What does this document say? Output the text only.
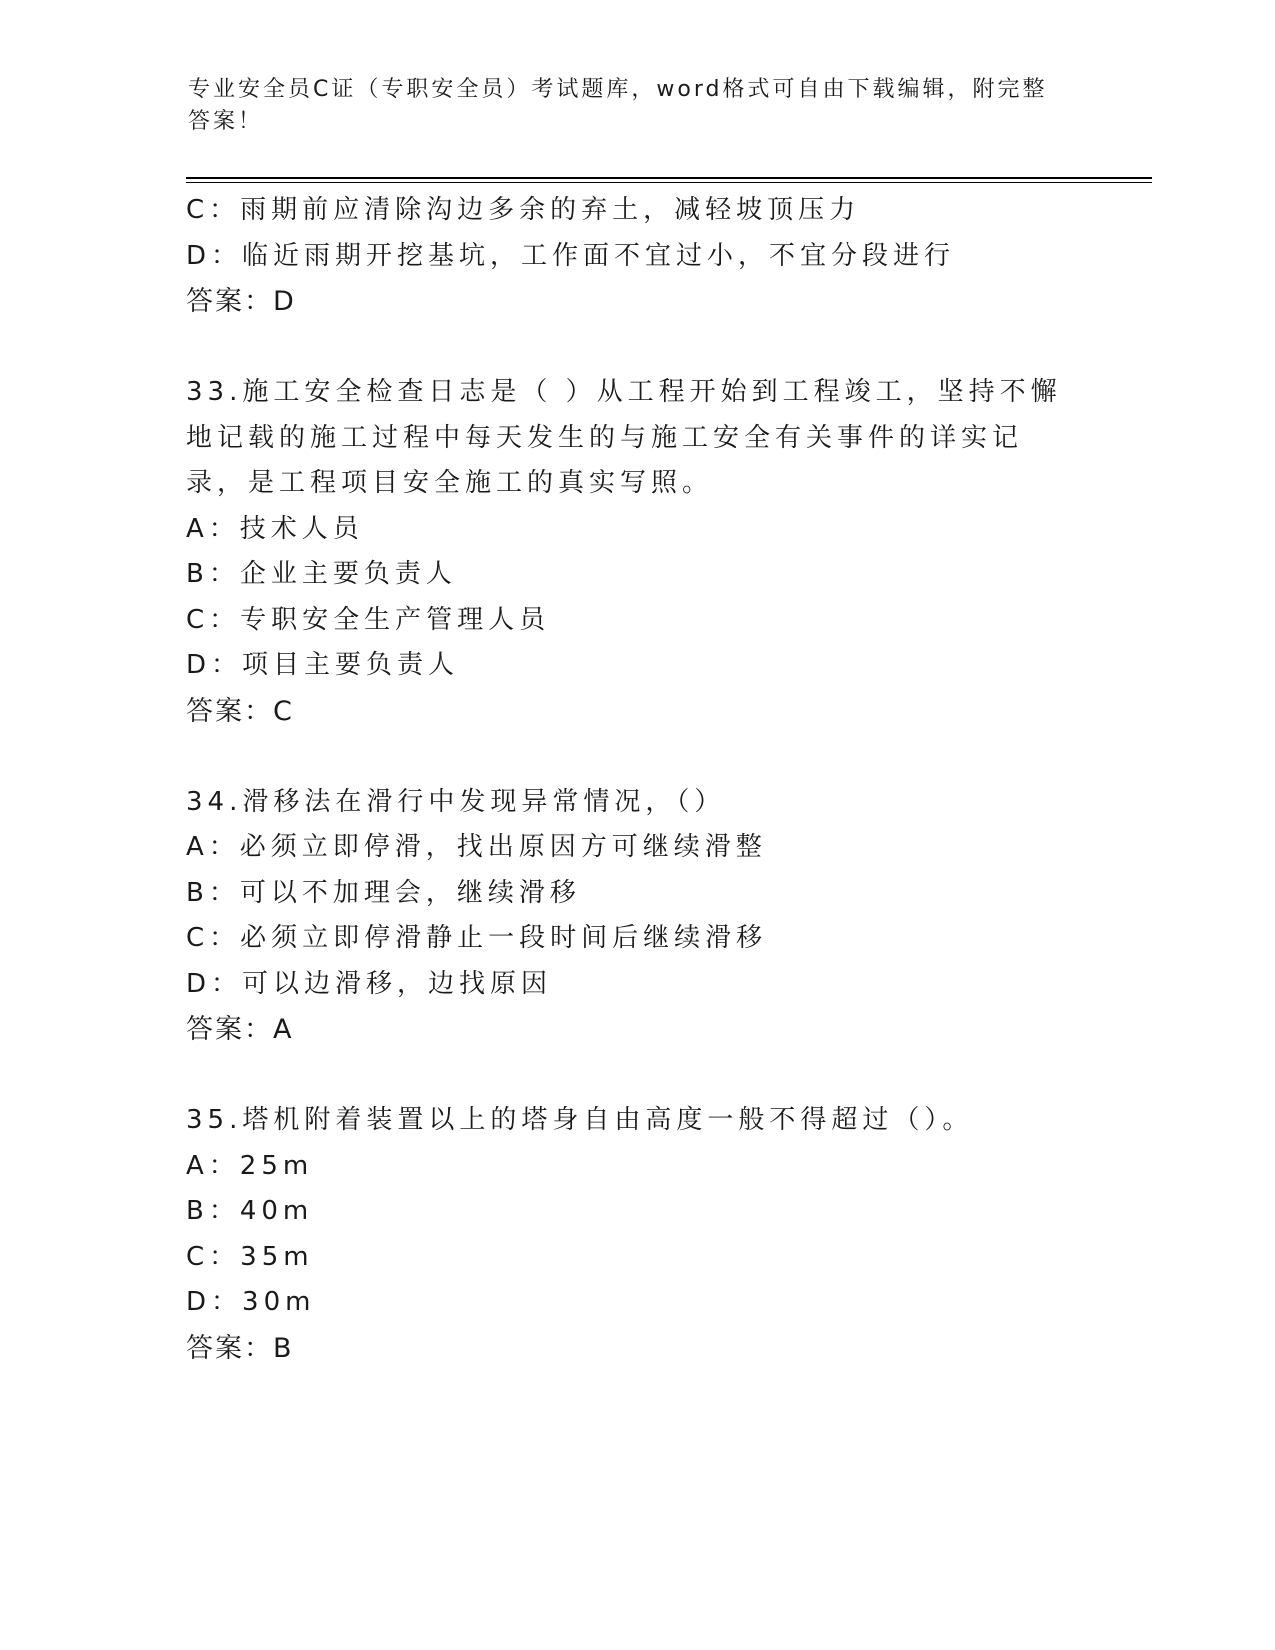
专业安全员C证（专职安全员）考试题库，word格式可自由下载编辑，附完整答案！
C：雨期前应清除沟边多余的弃土，减轻坡顶压力
D：临近雨期开挖基坑，工作面不宜过小，不宜分段进行
答案：D
33.施工安全检查日志是（ ）从工程开始到工程竣工，坚持不懈地记载的施工过程中每天发生的与施工安全有关事件的详实记录，是工程项目安全施工的真实写照。
A：技术人员
B：企业主要负责人
C：专职安全生产管理人员
D：项目主要负责人
答案：C
34.滑移法在滑行中发现异常情况，（）
A：必须立即停滑，找出原因方可继续滑整
B：可以不加理会，继续滑移
C：必须立即停滑静止一段时间后继续滑移
D：可以边滑移，边找原因
答案：A
35.塔机附着装置以上的塔身自由高度一般不得超过（）。
A：25m
B：40m
C：35m
D：30m
答案：B
